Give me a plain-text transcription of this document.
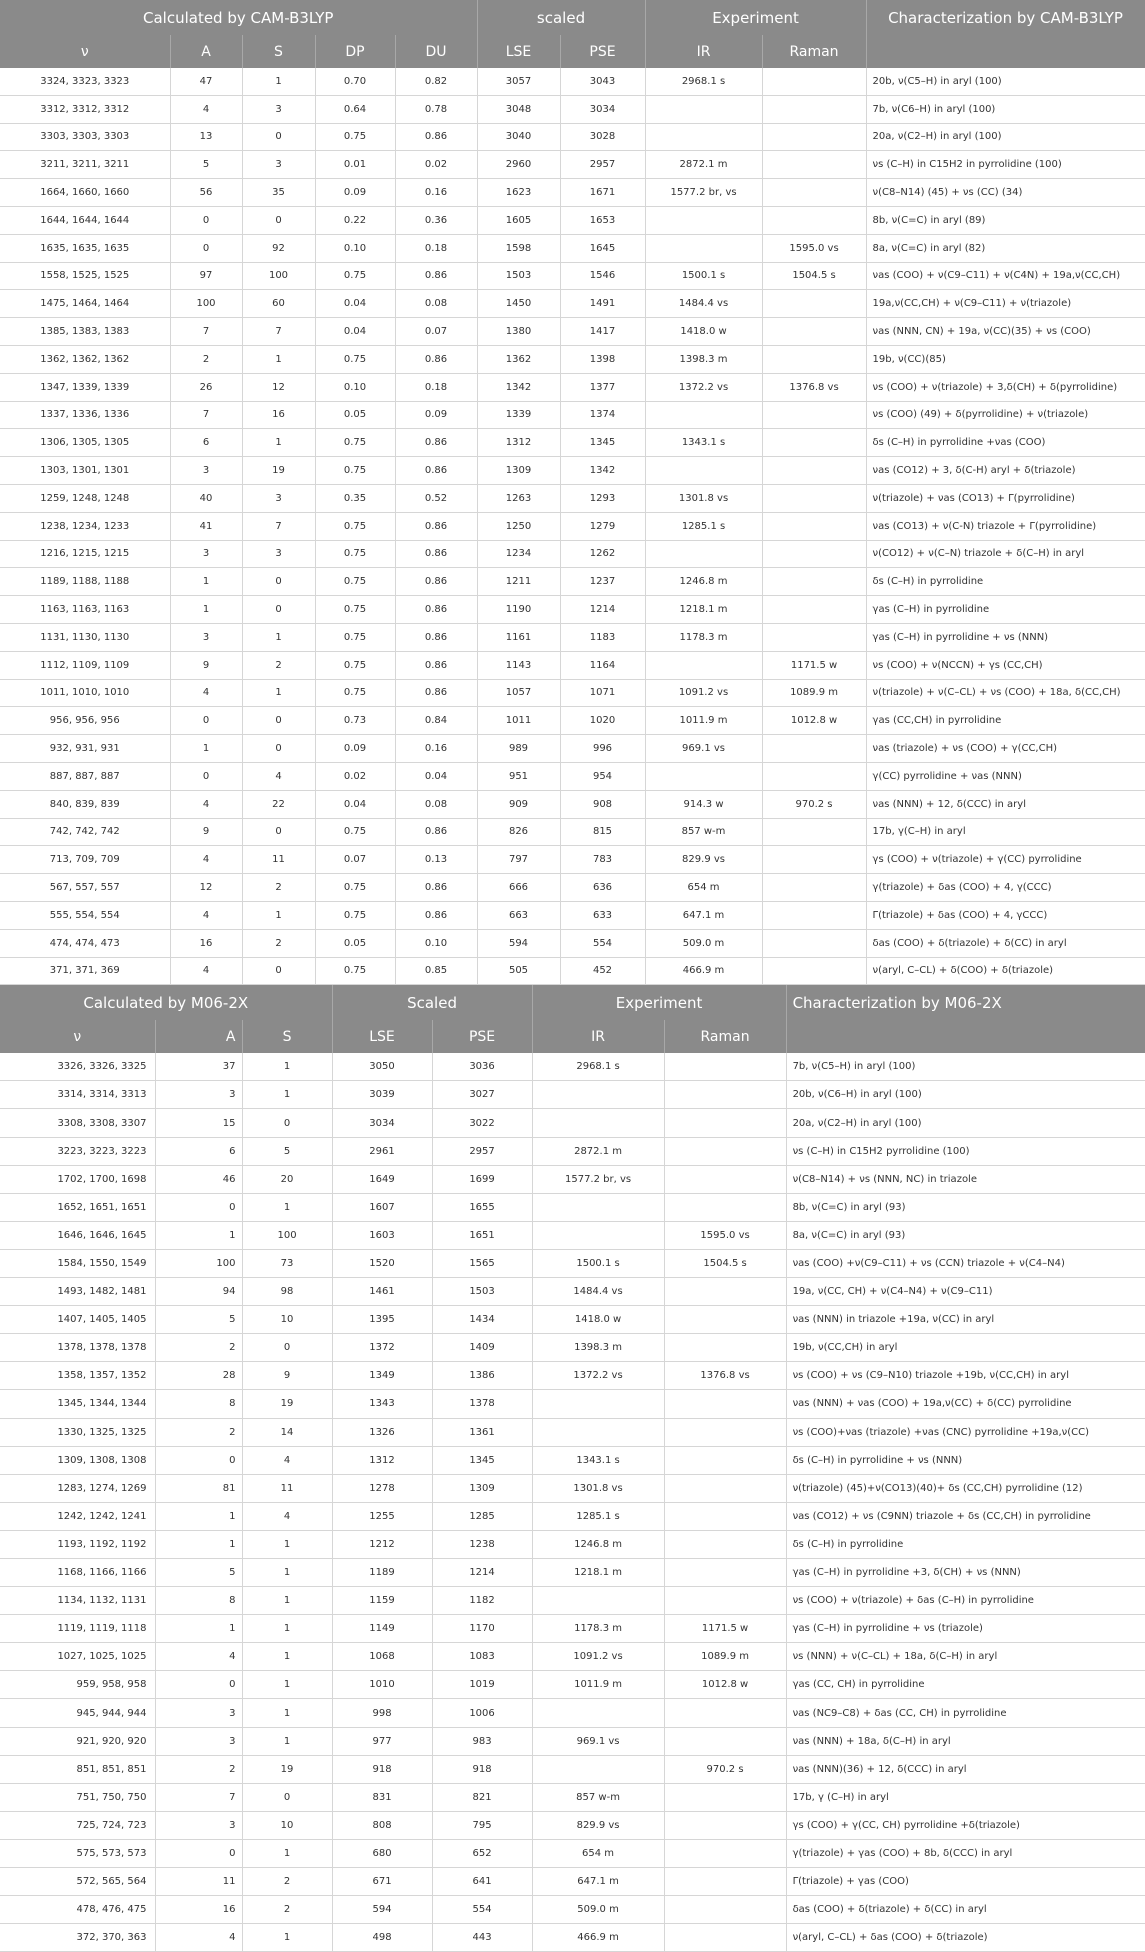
Calculated by CAM-B3LYP					scaled		Experiment		Characterization by CAM-B3LYP
ν	A	S	DP	DU	LSE	PSE	IR	Raman	
3324, 3323, 3323	47	1	0.70	0.82	3057	3043	2968.1 s		20b, ν(C5–H) in aryl (100)
3312, 3312, 3312	4	3	0.64	0.78	3048	3034			7b, ν(C6–H) in aryl (100)
3303, 3303, 3303	13	0	0.75	0.86	3040	3028			20a, ν(C2–H) in aryl (100)
3211, 3211, 3211	5	3	0.01	0.02	2960	2957	2872.1 m		νs (C–H) in C15H2 in pyrrolidine (100)
1664, 1660, 1660	56	35	0.09	0.16	1623	1671	1577.2 br, vs		ν(C8–N14) (45) + νs (CC) (34)
1644, 1644, 1644	0	0	0.22	0.36	1605	1653			8b, ν(C=C) in aryl (89)
1635, 1635, 1635	0	92	0.10	0.18	1598	1645		1595.0 vs	8a, ν(C=C) in aryl (82)
1558, 1525, 1525	97	100	0.75	0.86	1503	1546	1500.1 s	1504.5 s	νas (COO) + ν(C9–C11) + ν(C4N) + 19a,ν(CC,CH)
1475, 1464, 1464	100	60	0.04	0.08	1450	1491	1484.4 vs		19a,ν(CC,CH) + ν(C9–C11) + ν(triazole)
1385, 1383, 1383	7	7	0.04	0.07	1380	1417	1418.0 w		νas (NNN, CN) + 19a, ν(CC)(35) + νs (COO)
1362, 1362, 1362	2	1	0.75	0.86	1362	1398	1398.3 m		19b, ν(CC)(85)
1347, 1339, 1339	26	12	0.10	0.18	1342	1377	1372.2 vs	1376.8 vs	νs (COO) + ν(triazole) + 3,δ(CH) + δ(pyrrolidine)
1337, 1336, 1336	7	16	0.05	0.09	1339	1374			νs (COO) (49) + δ(pyrrolidine) + ν(triazole)
1306, 1305, 1305	6	1	0.75	0.86	1312	1345	1343.1 s		δs (C–H) in pyrrolidine +νas (COO)
1303, 1301, 1301	3	19	0.75	0.86	1309	1342			νas (CO12) + 3, δ(C-H) aryl + δ(triazole)
1259, 1248, 1248	40	3	0.35	0.52	1263	1293	1301.8 vs		ν(triazole) + νas (CO13) + Γ(pyrrolidine)
1238, 1234, 1233	41	7	0.75	0.86	1250	1279	1285.1 s		νas (CO13) + ν(C-N) triazole + Γ(pyrrolidine)
1216, 1215, 1215	3	3	0.75	0.86	1234	1262			ν(CO12) + ν(C–N) triazole + δ(C–H) in aryl
1189, 1188, 1188	1	0	0.75	0.86	1211	1237	1246.8 m		δs (C–H) in pyrrolidine
1163, 1163, 1163	1	0	0.75	0.86	1190	1214	1218.1 m		γas (C–H) in pyrrolidine
1131, 1130, 1130	3	1	0.75	0.86	1161	1183	1178.3 m		γas (C–H) in pyrrolidine + νs (NNN)
1112, 1109, 1109	9	2	0.75	0.86	1143	1164		1171.5 w	νs (COO) + ν(NCCN) + γs (CC,CH)
1011, 1010, 1010	4	1	0.75	0.86	1057	1071	1091.2 vs	1089.9 m	ν(triazole) + ν(C–CL) + νs (COO) + 18a, δ(CC,CH)
956, 956, 956	0	0	0.73	0.84	1011	1020	1011.9 m	1012.8 w	γas (CC,CH) in pyrrolidine
932, 931, 931	1	0	0.09	0.16	989	996	969.1 vs		νas (triazole) + νs (COO) + γ(CC,CH)
887, 887, 887	0	4	0.02	0.04	951	954			γ(CC) pyrrolidine + νas (NNN)
840, 839, 839	4	22	0.04	0.08	909	908	914.3 w	970.2 s	νas (NNN) + 12, δ(CCC) in aryl
742, 742, 742	9	0	0.75	0.86	826	815	857 w-m		17b, γ(C–H) in aryl
713, 709, 709	4	11	0.07	0.13	797	783	829.9 vs		γs (COO) + ν(triazole) + γ(CC) pyrrolidine
567, 557, 557	12	2	0.75	0.86	666	636	654 m		γ(triazole) + δas (COO) + 4, γ(CCC)
555, 554, 554	4	1	0.75	0.86	663	633	647.1 m		Γ(triazole) + δas (COO) + 4, γCCC)
474, 474, 473	16	2	0.05	0.10	594	554	509.0 m		δas (COO) + δ(triazole) + δ(CC) in aryl
371, 371, 369	4	0	0.75	0.85	505	452	466.9 m		ν(aryl, C–CL) + δ(COO) + δ(triazole)
Calculated by M06-2X			Scaled		Experiment		Characterization by M06-2X
ν	A	S	LSE	PSE	IR	Raman	
3326, 3326, 3325	37	1	3050	3036	2968.1 s		7b, ν(C5–H) in aryl (100)
3314, 3314, 3313	3	1	3039	3027			20b, ν(C6–H) in aryl (100)
3308, 3308, 3307	15	0	3034	3022			20a, ν(C2–H) in aryl (100)
3223, 3223, 3223	6	5	2961	2957	2872.1 m		νs (C–H) in C15H2 pyrrolidine (100)
1702, 1700, 1698	46	20	1649	1699	1577.2 br, vs		ν(C8–N14) + νs (NNN, NC) in triazole
1652, 1651, 1651	0	1	1607	1655			8b, ν(C=C) in aryl (93)
1646, 1646, 1645	1	100	1603	1651		1595.0 vs	8a, ν(C=C) in aryl (93)
1584, 1550, 1549	100	73	1520	1565	1500.1 s	1504.5 s	νas (COO) +ν(C9–C11) + νs (CCN) triazole + ν(C4–N4)
1493, 1482, 1481	94	98	1461	1503	1484.4 vs		19a, ν(CC, CH) + ν(C4–N4) + ν(C9–C11)
1407, 1405, 1405	5	10	1395	1434	1418.0 w		νas (NNN) in triazole +19a, ν(CC) in aryl
1378, 1378, 1378	2	0	1372	1409	1398.3 m		19b, ν(CC,CH) in aryl
1358, 1357, 1352	28	9	1349	1386	1372.2 vs	1376.8 vs	νs (COO) + νs (C9–N10) triazole +19b, ν(CC,CH) in aryl
1345, 1344, 1344	8	19	1343	1378			νas (NNN) + νas (COO) + 19a,ν(CC) + δ(CC) pyrrolidine
1330, 1325, 1325	2	14	1326	1361			νs (COO)+νas (triazole) +νas (CNC) pyrrolidine +19a,ν(CC)
1309, 1308, 1308	0	4	1312	1345	1343.1 s		δs (C–H) in pyrrolidine + νs (NNN)
1283, 1274, 1269	81	11	1278	1309	1301.8 vs		ν(triazole) (45)+ν(CO13)(40)+ δs (CC,CH) pyrrolidine (12)
1242, 1242, 1241	1	4	1255	1285	1285.1 s		νas (CO12) + νs (C9NN) triazole + δs (CC,CH) in pyrrolidine
1193, 1192, 1192	1	1	1212	1238	1246.8 m		δs (C–H) in pyrrolidine
1168, 1166, 1166	5	1	1189	1214	1218.1 m		γas (C–H) in pyrrolidine +3, δ(CH) + νs (NNN)
1134, 1132, 1131	8	1	1159	1182			νs (COO) + ν(triazole) + δas (C–H) in pyrrolidine
1119, 1119, 1118	1	1	1149	1170	1178.3 m	1171.5 w	γas (C–H) in pyrrolidine + νs (triazole)
1027, 1025, 1025	4	1	1068	1083	1091.2 vs	1089.9 m	νs (NNN) + ν(C–CL) + 18a, δ(C–H) in aryl
959, 958, 958	0	1	1010	1019	1011.9 m	1012.8 w	γas (CC, CH) in pyrrolidine
945, 944, 944	3	1	998	1006			νas (NC9–C8) + δas (CC, CH) in pyrrolidine
921, 920, 920	3	1	977	983	969.1 vs		νas (NNN) + 18a, δ(C–H) in aryl
851, 851, 851	2	19	918	918		970.2 s	νas (NNN)(36) + 12, δ(CCC) in aryl
751, 750, 750	7	0	831	821	857 w-m		17b, γ (C–H) in aryl
725, 724, 723	3	10	808	795	829.9 vs		γs (COO) + γ(CC, CH) pyrrolidine +δ(triazole)
575, 573, 573	0	1	680	652	654 m		γ(triazole) + γas (COO) + 8b, δ(CCC) in aryl
572, 565, 564	11	2	671	641	647.1 m		Γ(triazole) + γas (COO)
478, 476, 475	16	2	594	554	509.0 m		δas (COO) + δ(triazole) + δ(CC) in aryl
372, 370, 363	4	1	498	443	466.9 m		ν(aryl, C–CL) + δas (COO) + δ(triazole)
